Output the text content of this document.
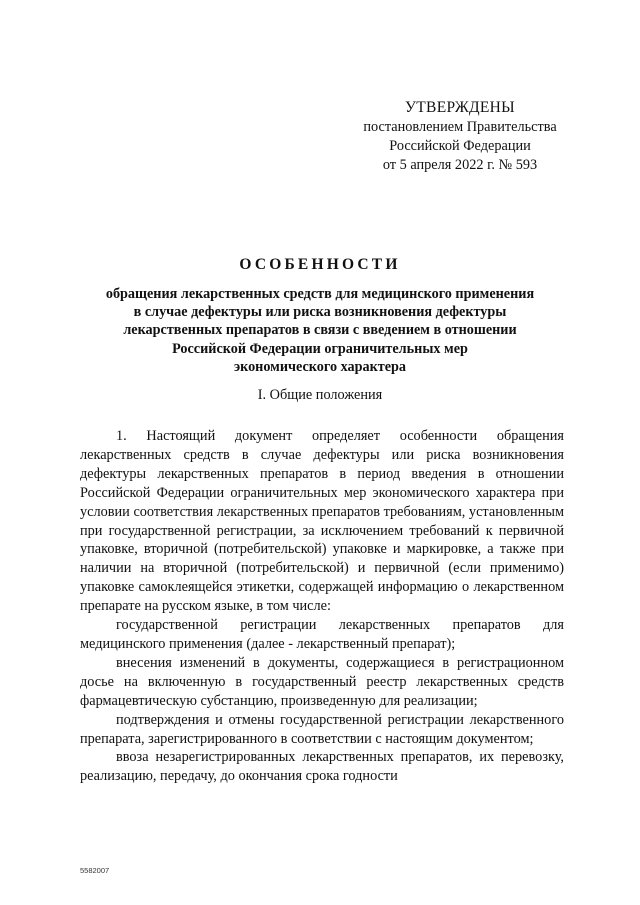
УТВЕРЖДЕНЫ
постановлением Правительства
Российской Федерации
от 5 апреля 2022 г. № 593
ОСОБЕННОСТИ
обращения лекарственных средств для медицинского применения
в случае дефектуры или риска возникновения дефектуры
лекарственных препаратов в связи с введением в отношении
Российской Федерации ограничительных мер
экономического характера
I. Общие положения

1. Настоящий документ определяет особенности обращения лекарственных средств в случае дефектуры или риска возникновения дефектуры лекарственных препаратов в период введения в отношении Российской Федерации ограничительных мер экономического характера при условии соответствия лекарственных препаратов требованиям, установленным при государственной регистрации, за исключением требований к первичной упаковке, вторичной (потребительской) упаковке и маркировке, а также при наличии на вторичной (потребительской) и первичной (если применимо) упаковке самоклеящейся этикетки, содержащей информацию о лекарственном препарате на русском языке, в том числе:

государственной регистрации лекарственных препаратов для медицинского применения (далее - лекарственный препарат);

внесения изменений в документы, содержащиеся в регистрационном досье на включенную в государственный реестр лекарственных средств фармацевтическую субстанцию, произведенную для реализации;

подтверждения и отмены государственной регистрации лекарственного препарата, зарегистрированного в соответствии с настоящим документом;

ввоза незарегистрированных лекарственных препаратов, их перевозку, реализацию, передачу, до окончания срока годности

5582007
